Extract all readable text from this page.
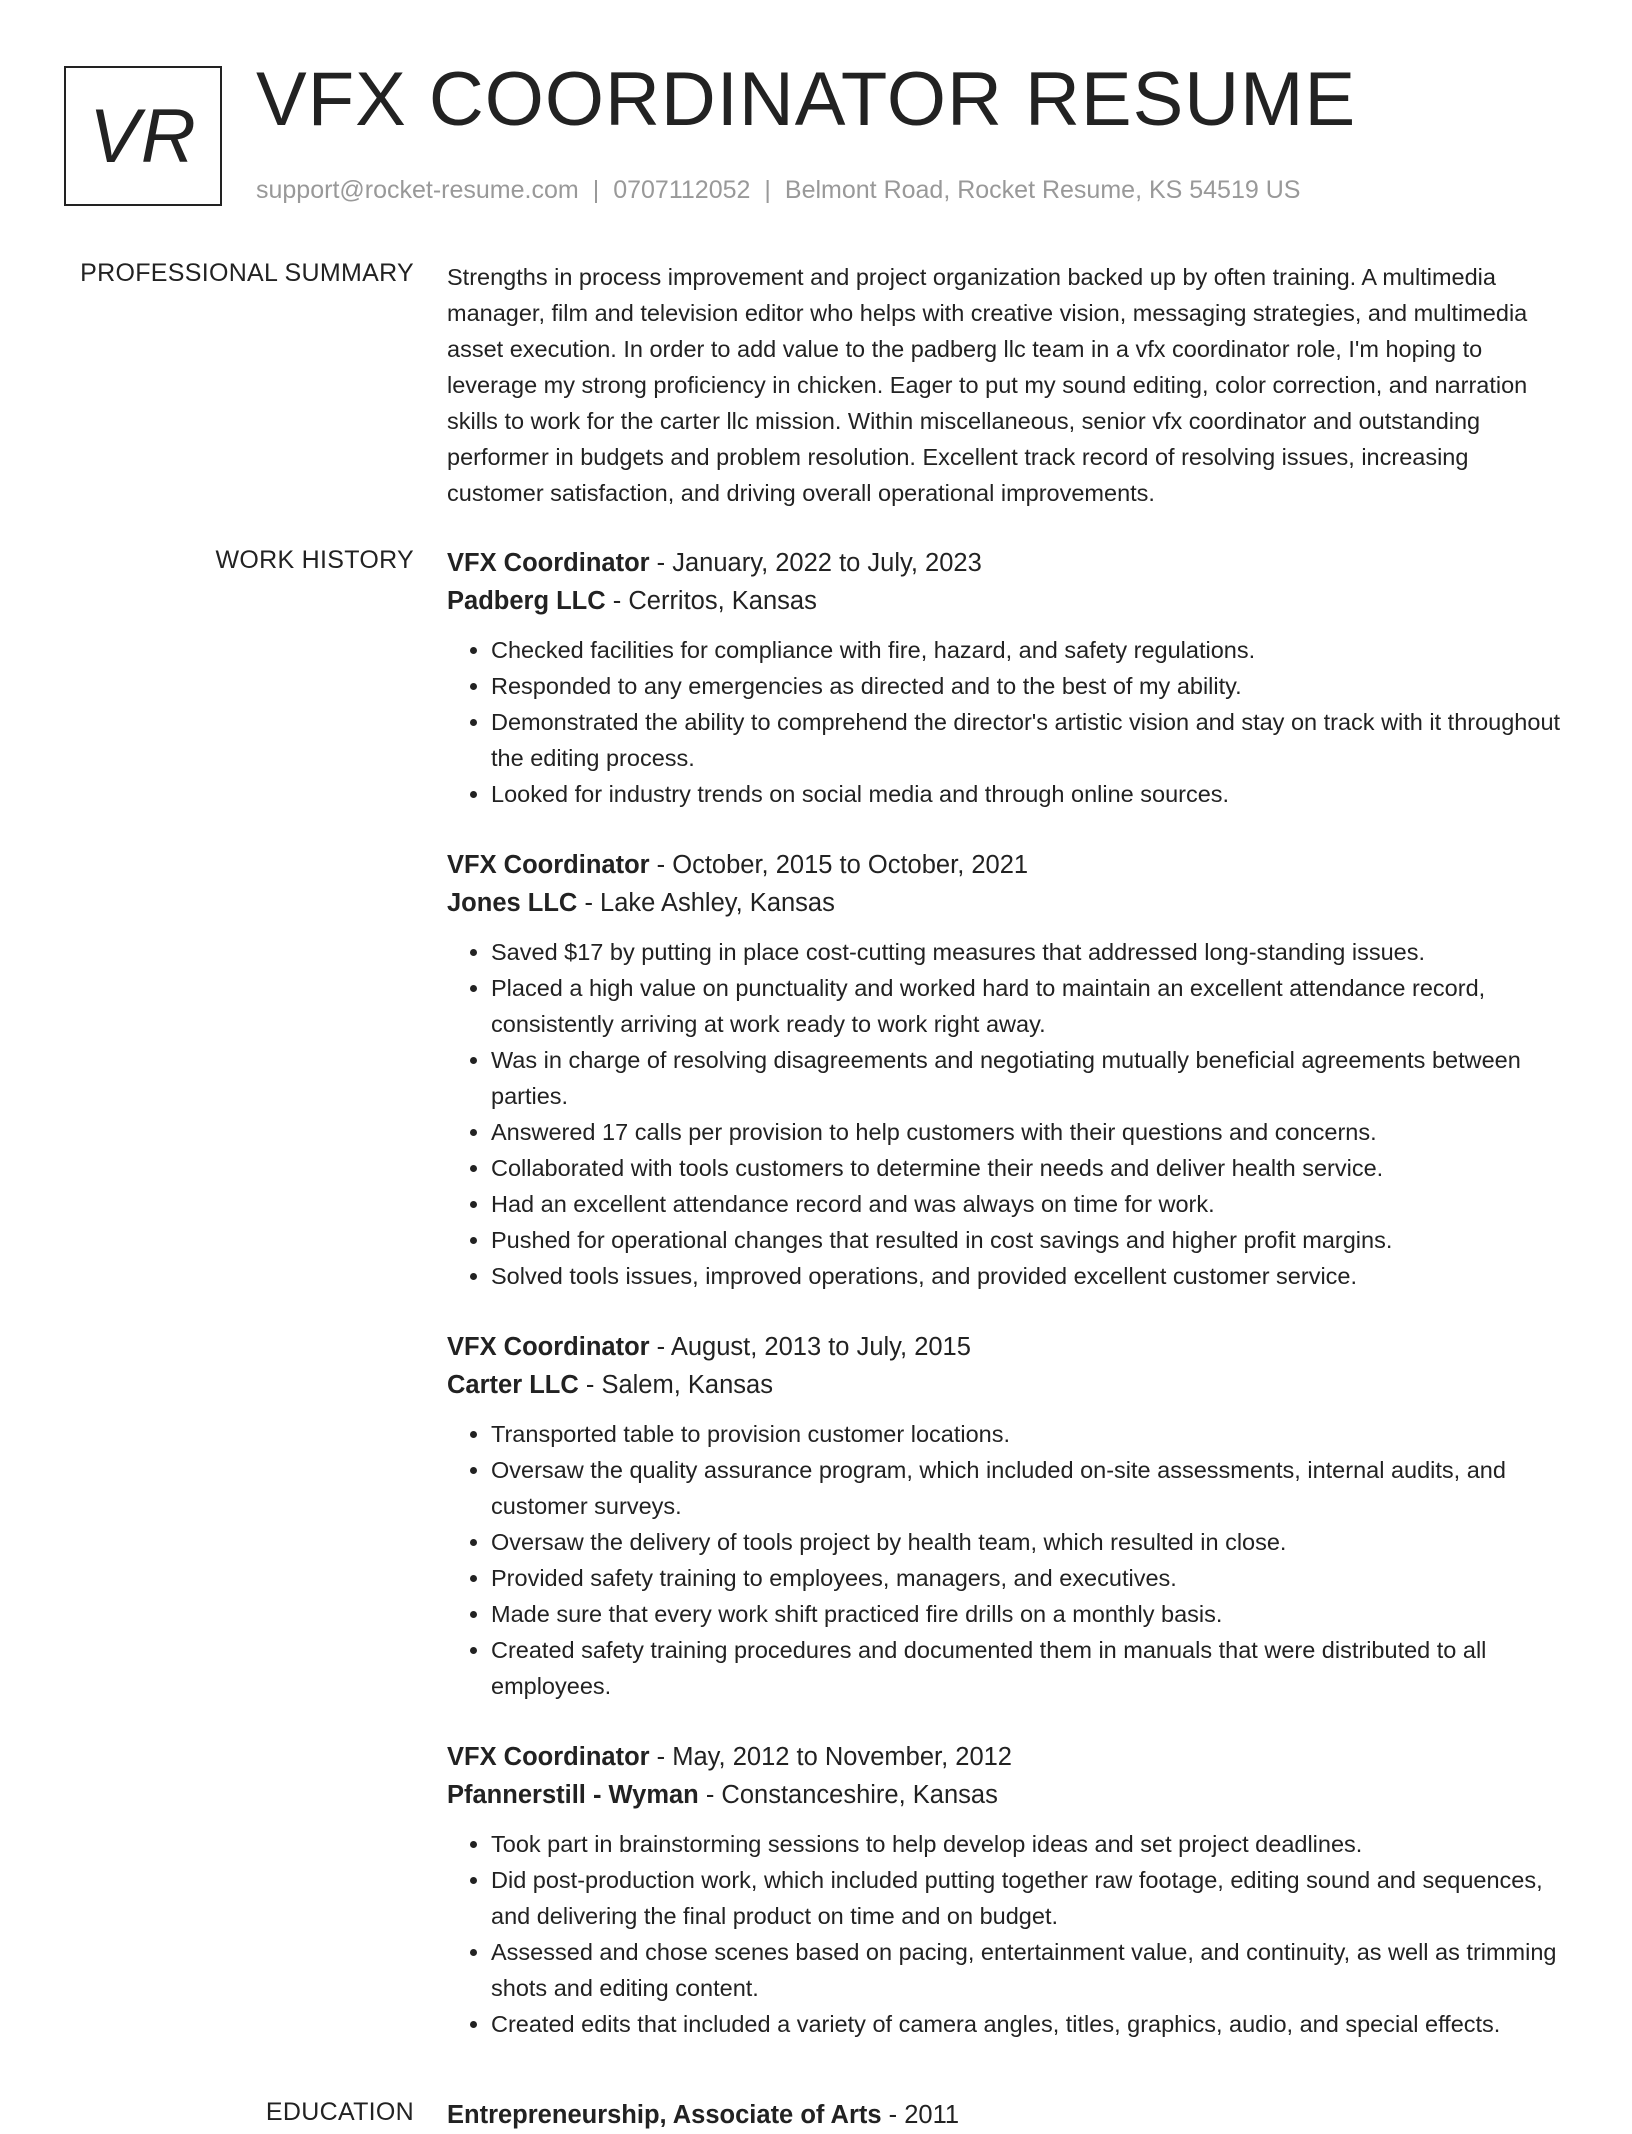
VR VFX COORDINATOR RESUME
support@rocket-resume.com | 0707112052 | Belmont Road, Rocket Resume, KS 54519 US
PROFESSIONAL SUMMARY Strengths in process improvement and project organization backed up by often training. A multimedia manager, film and television editor who helps with creative vision, messaging strategies, and multimedia asset execution. In order to add value to the padberg llc team in a vfx coordinator role, I'm hoping to leverage my strong proficiency in chicken. Eager to put my sound editing, color correction, and narration skills to work for the carter llc mission. Within miscellaneous, senior vfx coordinator and outstanding performer in budgets and problem resolution. Excellent track record of resolving issues, increasing customer satisfaction, and driving overall operational improvements.

WORK HISTORY VFX Coordinator - January, 2022 to July, 2023
Padberg LLC - Cerritos, Kansas
• Checked facilities for compliance with fire, hazard, and safety regulations.
• Responded to any emergencies as directed and to the best of my ability.
• Demonstrated the ability to comprehend the director's artistic vision and stay on track with it throughout the editing process.
• Looked for industry trends on social media and through online sources.
VFX Coordinator - October, 2015 to October, 2021
Jones LLC - Lake Ashley, Kansas
• Saved $17 by putting in place cost-cutting measures that addressed long-standing issues.
• Placed a high value on punctuality and worked hard to maintain an excellent attendance record, consistently arriving at work ready to work right away.
• Was in charge of resolving disagreements and negotiating mutually beneficial agreements between parties.
• Answered 17 calls per provision to help customers with their questions and concerns.
• Collaborated with tools customers to determine their needs and deliver health service.
• Had an excellent attendance record and was always on time for work.
• Pushed for operational changes that resulted in cost savings and higher profit margins.
• Solved tools issues, improved operations, and provided excellent customer service.
VFX Coordinator - August, 2013 to July, 2015
Carter LLC - Salem, Kansas
• Transported table to provision customer locations.
• Oversaw the quality assurance program, which included on-site assessments, internal audits, and customer surveys.
• Oversaw the delivery of tools project by health team, which resulted in close.
• Provided safety training to employees, managers, and executives.
• Made sure that every work shift practiced fire drills on a monthly basis.
• Created safety training procedures and documented them in manuals that were distributed to all employees.
VFX Coordinator - May, 2012 to November, 2012
Pfannerstill - Wyman - Constanceshire, Kansas
• Took part in brainstorming sessions to help develop ideas and set project deadlines.
• Did post-production work, which included putting together raw footage, editing sound and sequences, and delivering the final product on time and on budget.
• Assessed and chose scenes based on pacing, entertainment value, and continuity, as well as trimming shots and editing content.
• Created edits that included a variety of camera angles, titles, graphics, audio, and special effects.
EDUCATION Entrepreneurship, Associate of Arts - 2011
